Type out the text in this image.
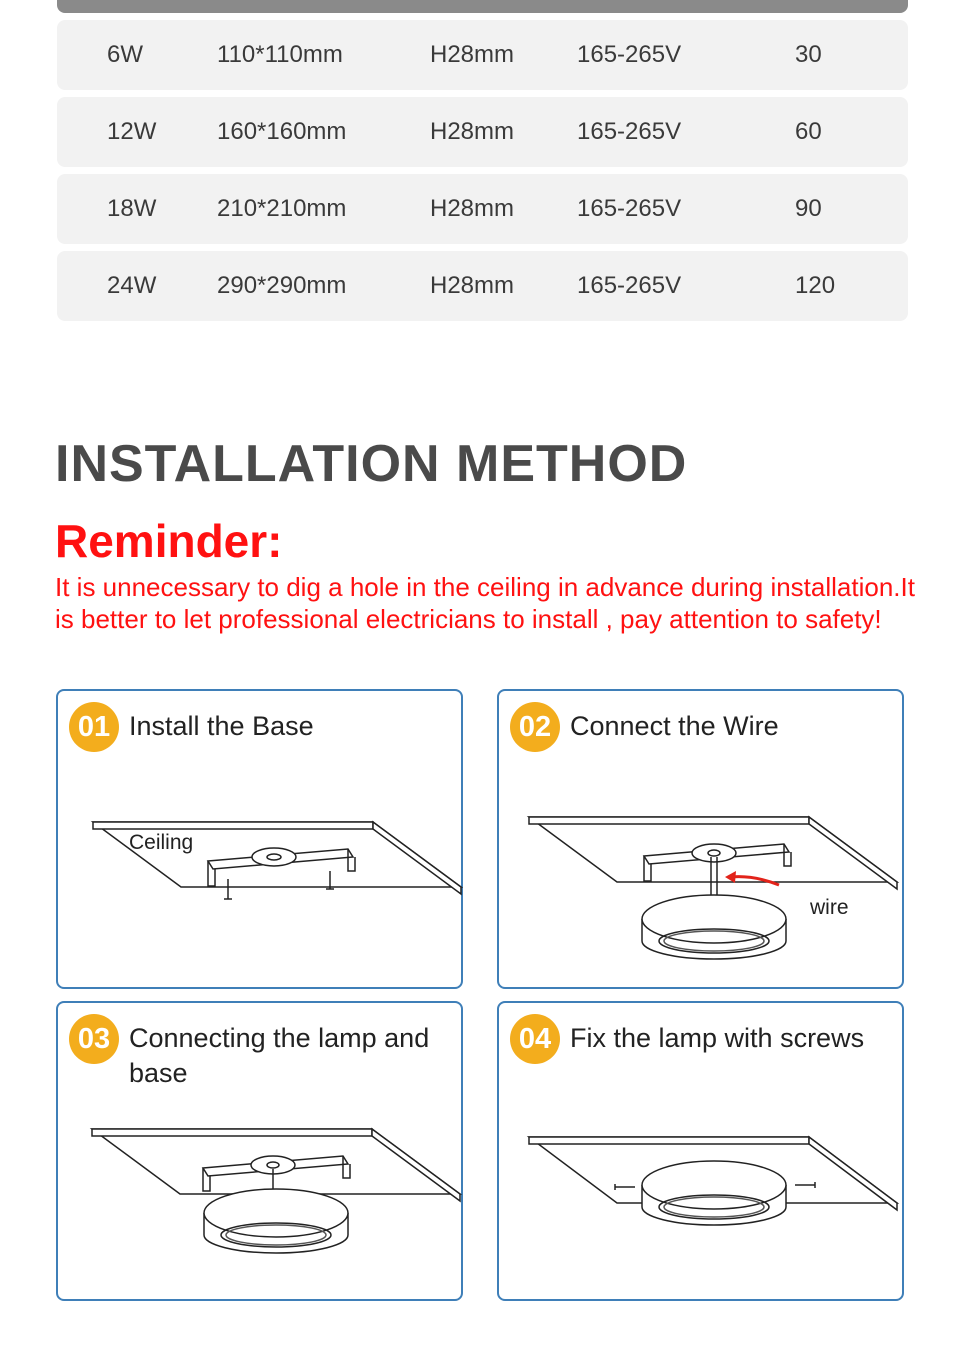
6W	110*110mm	H28mm	165-265V	30
12W	160*160mm	H28mm	165-265V	60
18W	210*210mm	H28mm	165-265V	90
24W	290*290mm	H28mm	165-265V	120
INSTALLATION METHOD
Reminder:
It is unnecessary to dig a hole in the ceiling in advance during installation.It is better to let professional electricians to install , pay attention to safety!
01 Install the Base
Ceiling
02 Connect the Wire
wire
03 Connecting the lamp and base
04 Fix the lamp with screws
